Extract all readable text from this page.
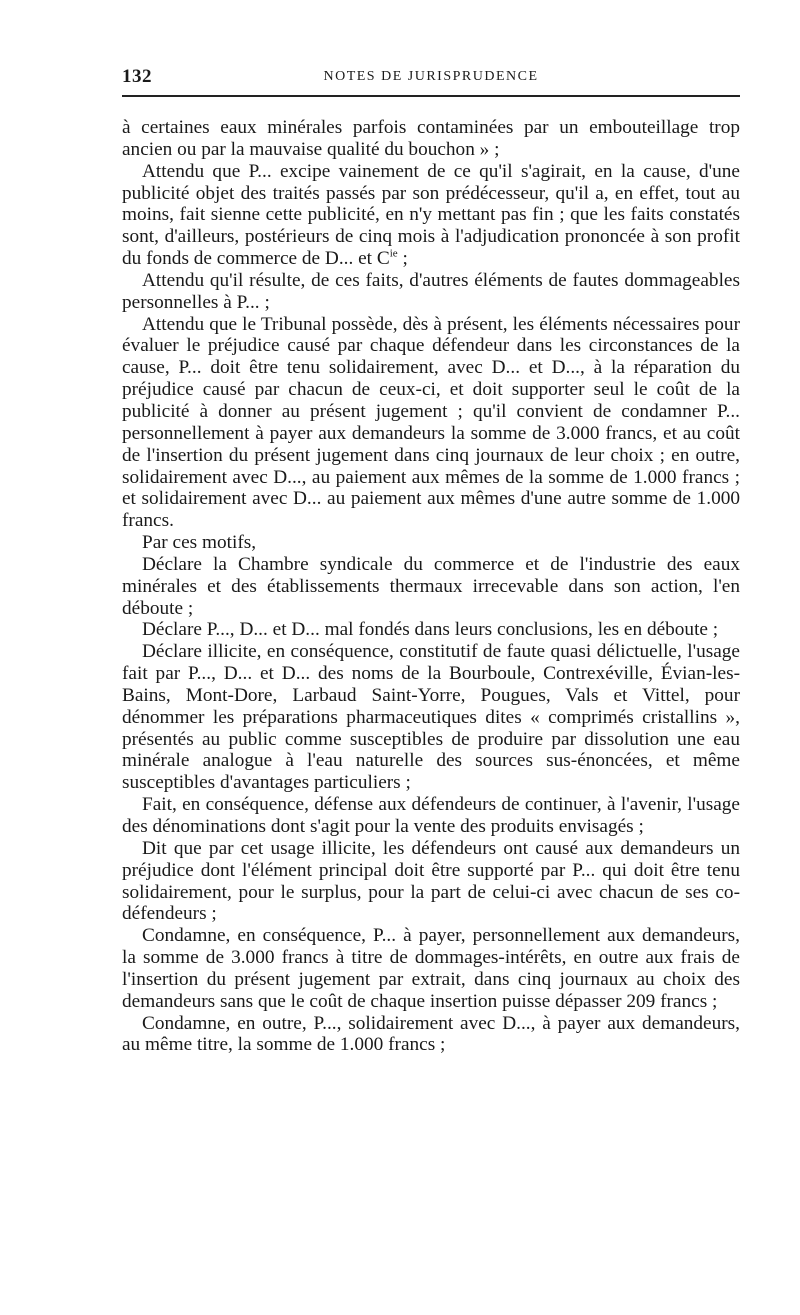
132	NOTES DE JURISPRUDENCE

à certaines eaux minérales parfois contaminées par un embouteillage trop ancien ou par la mauvaise qualité du bouchon » ;

Attendu que P... excipe vainement de ce qu'il s'agirait, en la cause, d'une publicité objet des traités passés par son prédécesseur, qu'il a, en effet, tout au moins, fait sienne cette publicité, en n'y mettant pas fin ; que les faits constatés sont, d'ailleurs, postérieurs de cinq mois à l'adjudication prononcée à son profit du fonds de commerce de D... et $C^{ie}$ ;

Attendu qu'il résulte, de ces faits, d'autres éléments de fautes dommageables personnelles à P... ;

Attendu que le Tribunal possède, dès à présent, les éléments nécessaires pour évaluer le préjudice causé par chaque défendeur dans les circonstances de la cause, P... doit être tenu solidairement, avec D... et D..., à la réparation du préjudice causé par chacun de ceux-ci, et doit supporter seul le coût de la publicité à donner au présent jugement ; qu'il convient de condamner P... personnellement à payer aux demandeurs la somme de 3.000 francs, et au coût de l'insertion du présent jugement dans cinq journaux de leur choix ; en outre, solidairement avec D..., au paiement aux mêmes de la somme de 1.000 francs ; et solidairement avec D... au paiement aux mêmes d'une autre somme de 1.000 francs.

Par ces motifs,

Déclare la Chambre syndicale du commerce et de l'industrie des eaux minérales et des établissements thermaux irrecevable dans son action, l'en déboute ;

Déclare P..., D... et D... mal fondés dans leurs conclusions, les en déboute ;

Déclare illicite, en conséquence, constitutif de faute quasi délictuelle, l'usage fait par P..., D... et D... des noms de la Bourboule, Contrexéville, Évian-les-Bains, Mont-Dore, Larbaud Saint-Yorre, Pougues, Vals et Vittel, pour dénommer les préparations pharmaceutiques dites « comprimés cristallins », présentés au public comme susceptibles de produire par dissolution une eau minérale analogue à l'eau naturelle des sources sus-énoncées, et même susceptibles d'avantages particuliers ;

Fait, en conséquence, défense aux défendeurs de continuer, à l'avenir, l'usage des dénominations dont s'agit pour la vente des produits envisagés ;

Dit que par cet usage illicite, les défendeurs ont causé aux demandeurs un préjudice dont l'élément principal doit être supporté par P... qui doit être tenu solidairement, pour le surplus, pour la part de celui-ci avec chacun de ses co-défendeurs ;

Condamne, en conséquence, P... à payer, personnellement aux demandeurs, la somme de 3.000 francs à titre de dommages-intérêts, en outre aux frais de l'insertion du présent jugement par extrait, dans cinq journaux au choix des demandeurs sans que le coût de chaque insertion puisse dépasser 209 francs ;

Condamne, en outre, P..., solidairement avec D..., à payer aux demandeurs, au même titre, la somme de 1.000 francs ;
